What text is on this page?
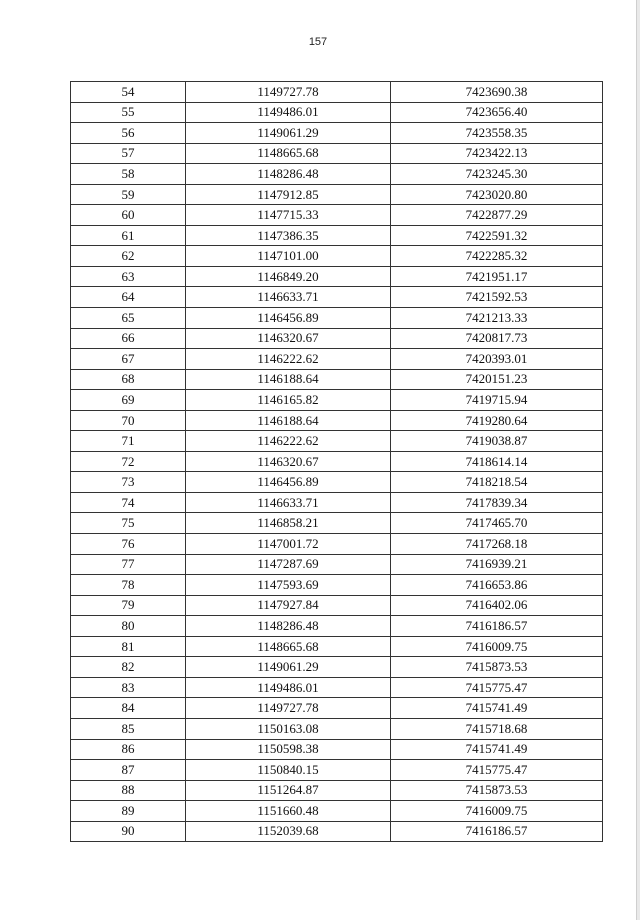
157
54	1149727.78	7423690.38
55	1149486.01	7423656.40
56	1149061.29	7423558.35
57	1148665.68	7423422.13
58	1148286.48	7423245.30
59	1147912.85	7423020.80
60	1147715.33	7422877.29
61	1147386.35	7422591.32
62	1147101.00	7422285.32
63	1146849.20	7421951.17
64	1146633.71	7421592.53
65	1146456.89	7421213.33
66	1146320.67	7420817.73
67	1146222.62	7420393.01
68	1146188.64	7420151.23
69	1146165.82	7419715.94
70	1146188.64	7419280.64
71	1146222.62	7419038.87
72	1146320.67	7418614.14
73	1146456.89	7418218.54
74	1146633.71	7417839.34
75	1146858.21	7417465.70
76	1147001.72	7417268.18
77	1147287.69	7416939.21
78	1147593.69	7416653.86
79	1147927.84	7416402.06
80	1148286.48	7416186.57
81	1148665.68	7416009.75
82	1149061.29	7415873.53
83	1149486.01	7415775.47
84	1149727.78	7415741.49
85	1150163.08	7415718.68
86	1150598.38	7415741.49
87	1150840.15	7415775.47
88	1151264.87	7415873.53
89	1151660.48	7416009.75
90	1152039.68	7416186.57
